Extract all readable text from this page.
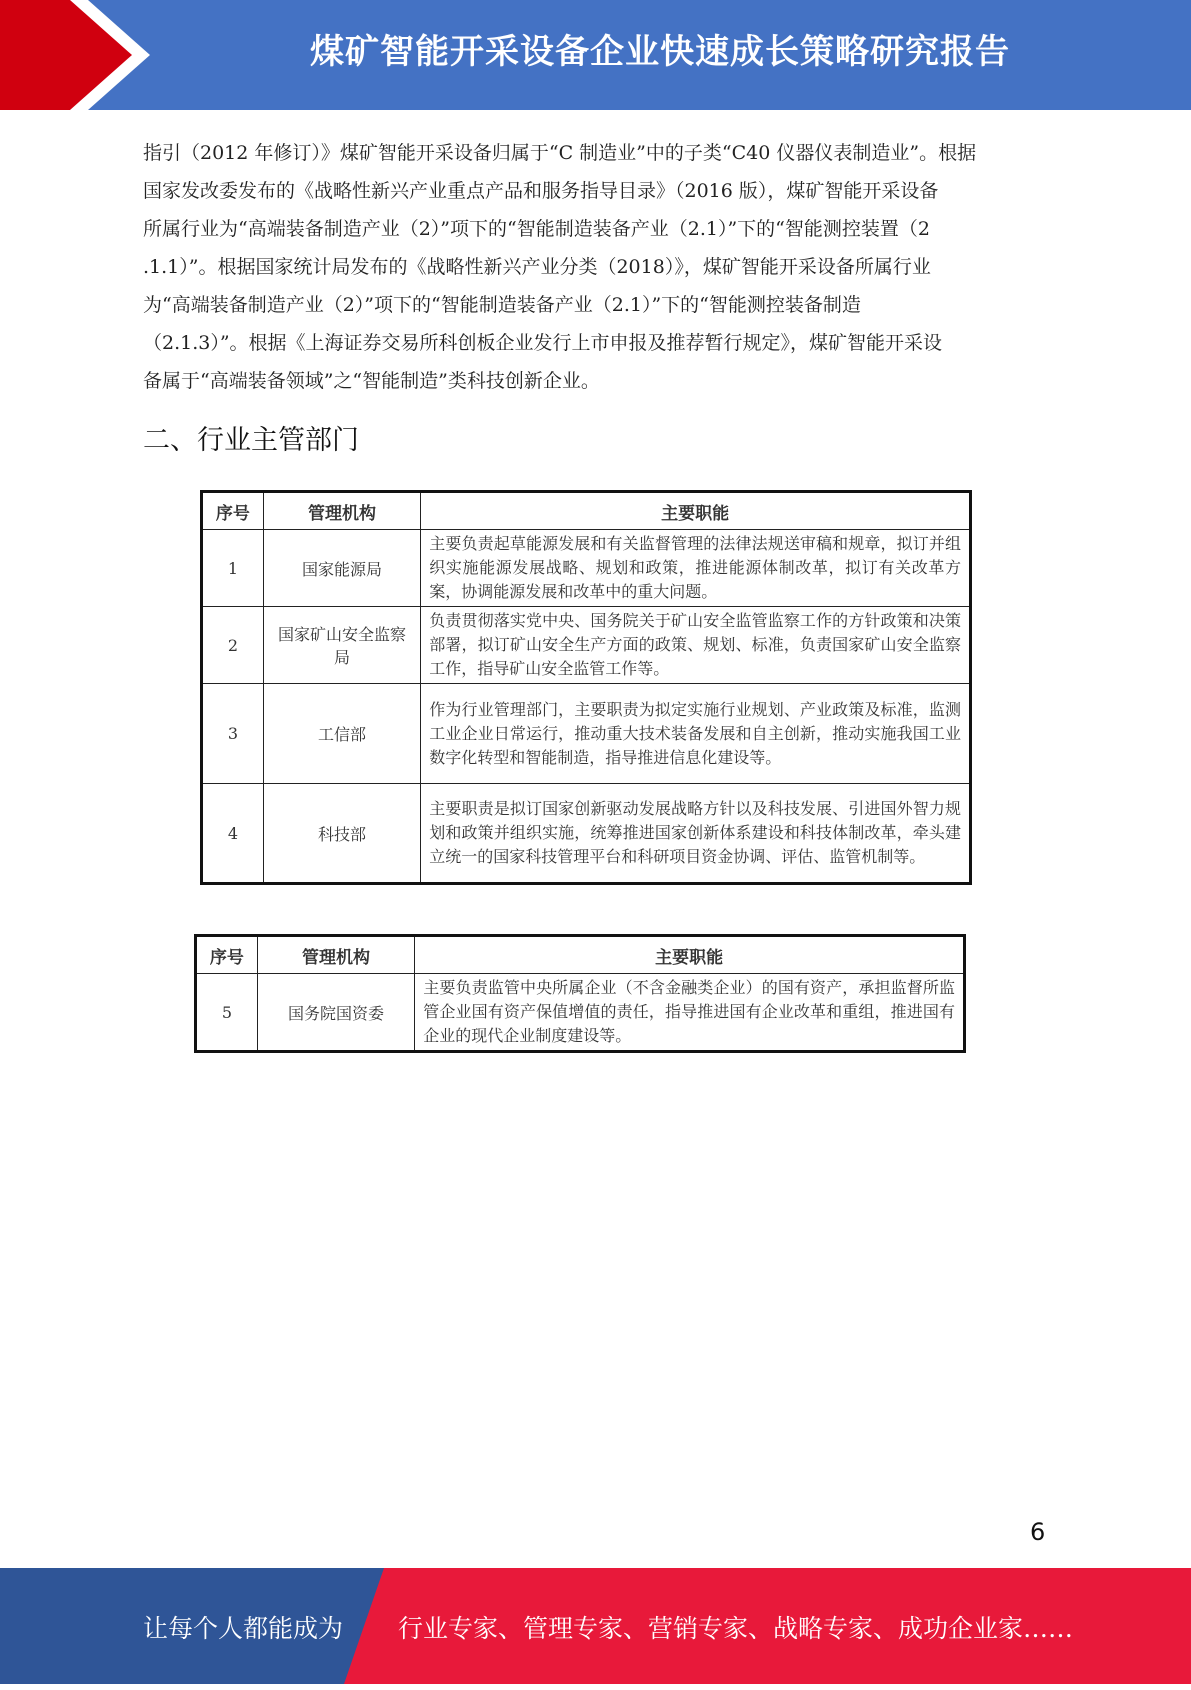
煤矿智能开采设备企业快速成长策略研究报告

指引（2012 年修订）》煤矿智能开采设备归属于“C 制造业”中的子类“C40 仪器仪表制造业”。根据

国家发改委发布的《战略性新兴产业重点产品和服务指导目录》（2016 版），煤矿智能开采设备

所属行业为“高端装备制造产业（2）”项下的“智能制造装备产业（2.1）”下的“智能测控装置（2

.1.1）”。根据国家统计局发布的《战略性新兴产业分类（2018）》，煤矿智能开采设备所属行业

为“高端装备制造产业（2）”项下的“智能制造装备产业（2.1）”下的“智能测控装备制造

（2.1.3）”。根据《上海证券交易所科创板企业发行上市申报及推荐暂行规定》，煤矿智能开采设

备属于“高端装备领域”之“智能制造”类科技创新企业。

二、行业主管部门
序号	管理机构	主要职能
1	国家能源局	主要负责起草能源发展和有关监督管理的法律法规送审稿和规章，拟订并组织实施能源发展战略、规划和政策，推进能源体制改革，拟订有关改革方案，协调能源发展和改革中的重大问题。
2	国家矿山安全监察局	负责贯彻落实党中央、国务院关于矿山安全监管监察工作的方针政策和决策部署，拟订矿山安全生产方面的政策、规划、标准，负责国家矿山安全监察工作，指导矿山安全监管工作等。
3	工信部	作为行业管理部门，主要职责为拟定实施行业规划、产业政策及标准，监测工业企业日常运行，推动重大技术装备发展和自主创新，推动实施我国工业数字化转型和智能制造，指导推进信息化建设等。
4	科技部	主要职责是拟订国家创新驱动发展战略方针以及科技发展、引进国外智力规划和政策并组织实施，统筹推进国家创新体系建设和科技体制改革，牵头建立统一的国家科技管理平台和科研项目资金协调、评估、监管机制等。
序号	管理机构	主要职能
5	国务院国资委	主要负责监管中央所属企业（不含金融类企业）的国有资产，承担监督所监管企业国有资产保值增值的责任，指导推进国有企业改革和重组，推进国有企业的现代企业制度建设等。
6
让每个人都能成为 行业专家、管理专家、营销专家、战略专家、成功企业家……
